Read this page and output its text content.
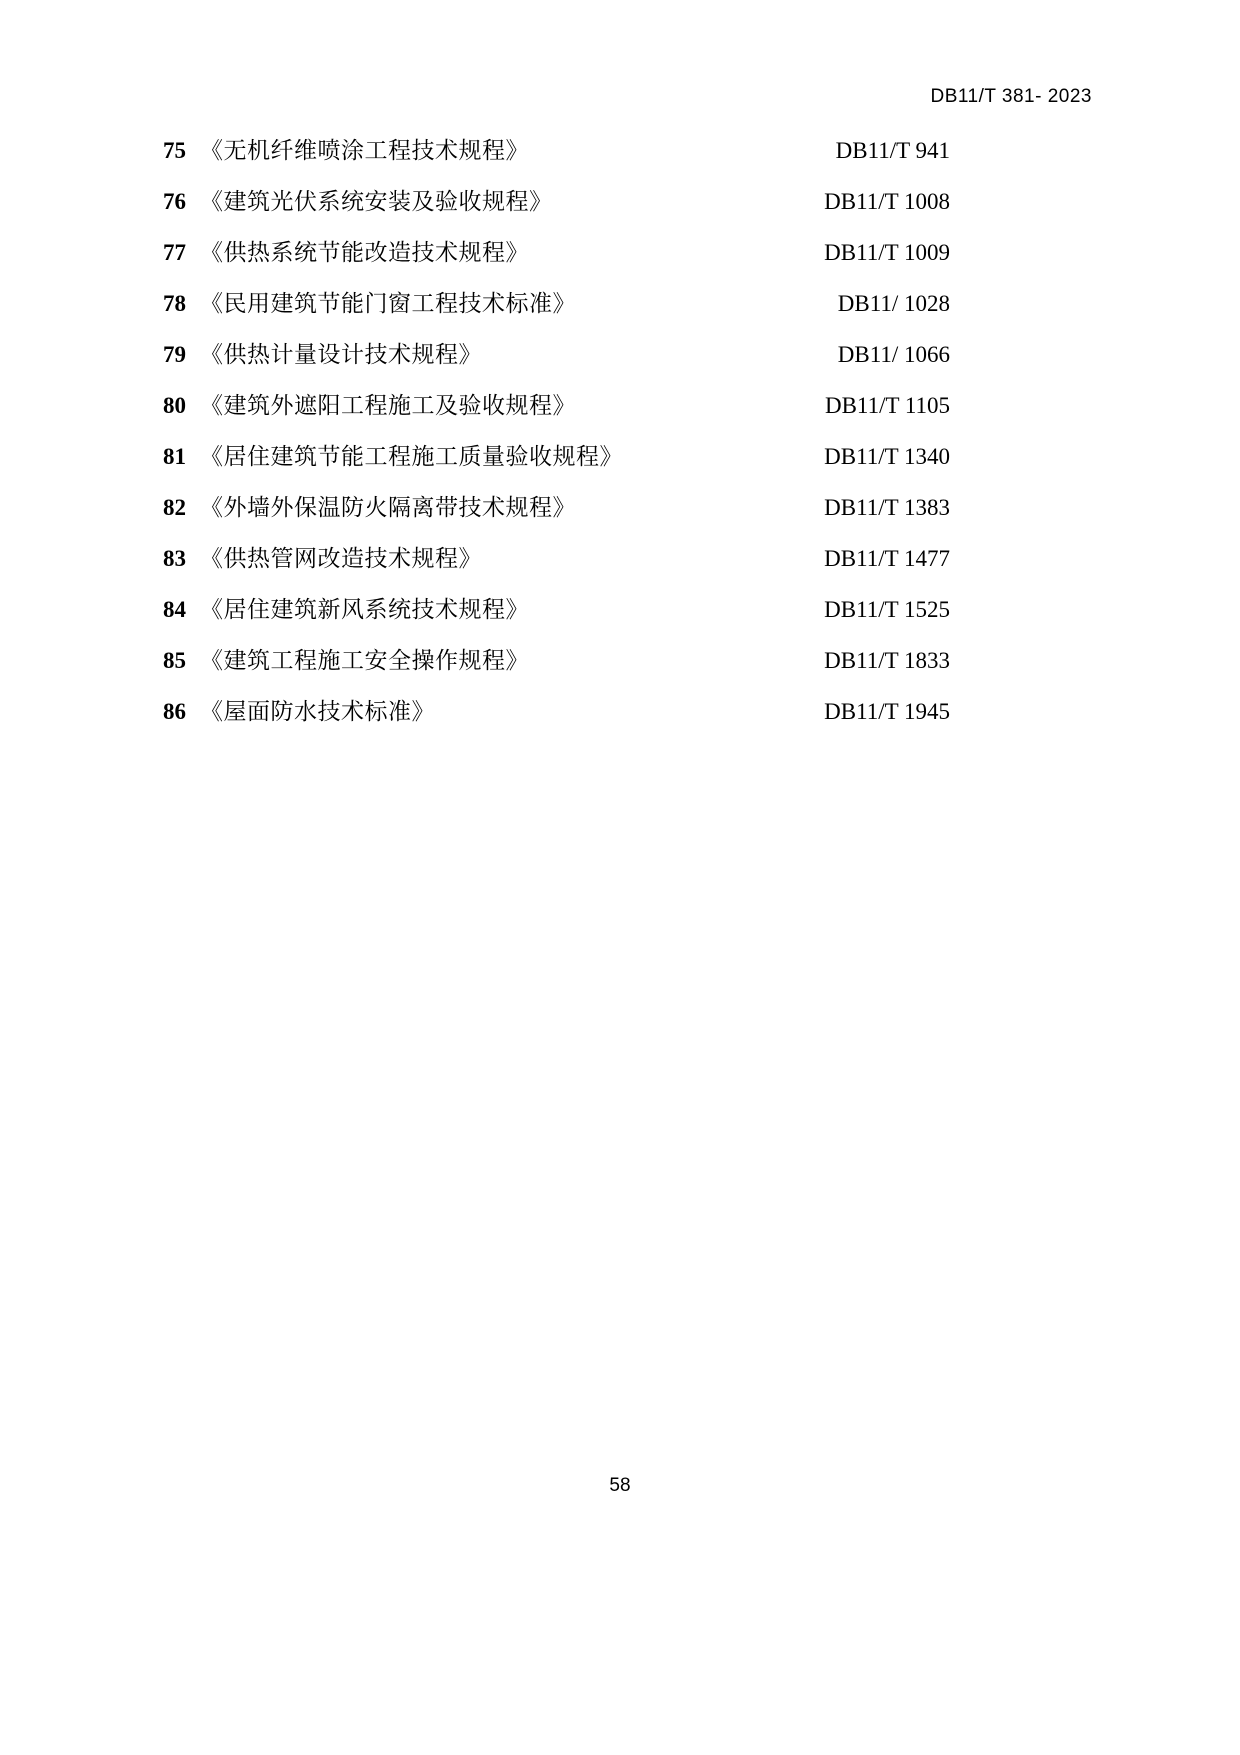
DB11/T 381- 2023
75 《无机纤维喷涂工程技术规程》	DB11/T 941
76 《建筑光伏系统安装及验收规程》	DB11/T 1008
77 《供热系统节能改造技术规程》	DB11/T 1009
78 《民用建筑节能门窗工程技术标准》	DB11/ 1028
79 《供热计量设计技术规程》	DB11/ 1066
80 《建筑外遮阳工程施工及验收规程》	DB11/T 1105
81 《居住建筑节能工程施工质量验收规程》	DB11/T 1340
82 《外墙外保温防火隔离带技术规程》	DB11/T 1383
83 《供热管网改造技术规程》	DB11/T 1477
84 《居住建筑新风系统技术规程》	DB11/T 1525
85 《建筑工程施工安全操作规程》	DB11/T 1833
86 《屋面防水技术标准》	DB11/T 1945
58
